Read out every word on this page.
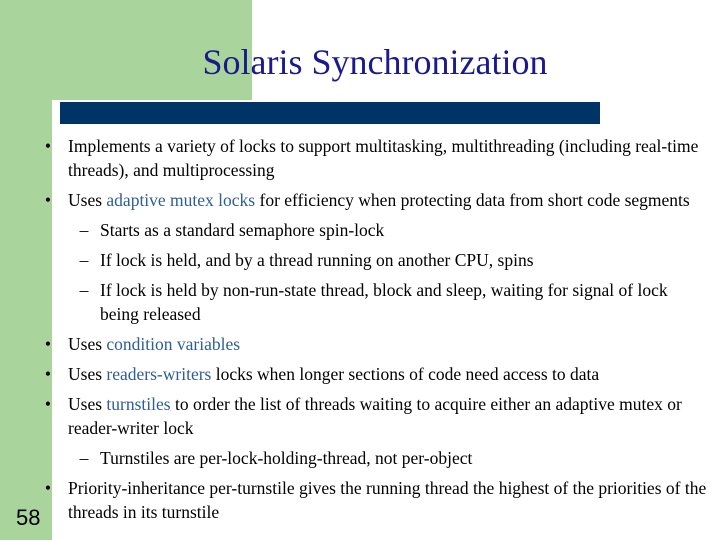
Solaris Synchronization
• Implements a variety of locks to support multitasking, multithreading (including real-time threads), and multiprocessing
• Uses adaptive mutex locks for efficiency when protecting data from short code segments
– Starts as a standard semaphore spin-lock
– If lock is held, and by a thread running on another CPU, spins
– If lock is held by non-run-state thread, block and sleep, waiting for signal of lock being released
• Uses condition variables
• Uses readers-writers locks when longer sections of code need access to data
• Uses turnstiles to order the list of threads waiting to acquire either an adaptive mutex or reader-writer lock
– Turnstiles are per-lock-holding-thread, not per-object
• Priority-inheritance per-turnstile gives the running thread the highest of the priorities of the threads in its turnstile
58
